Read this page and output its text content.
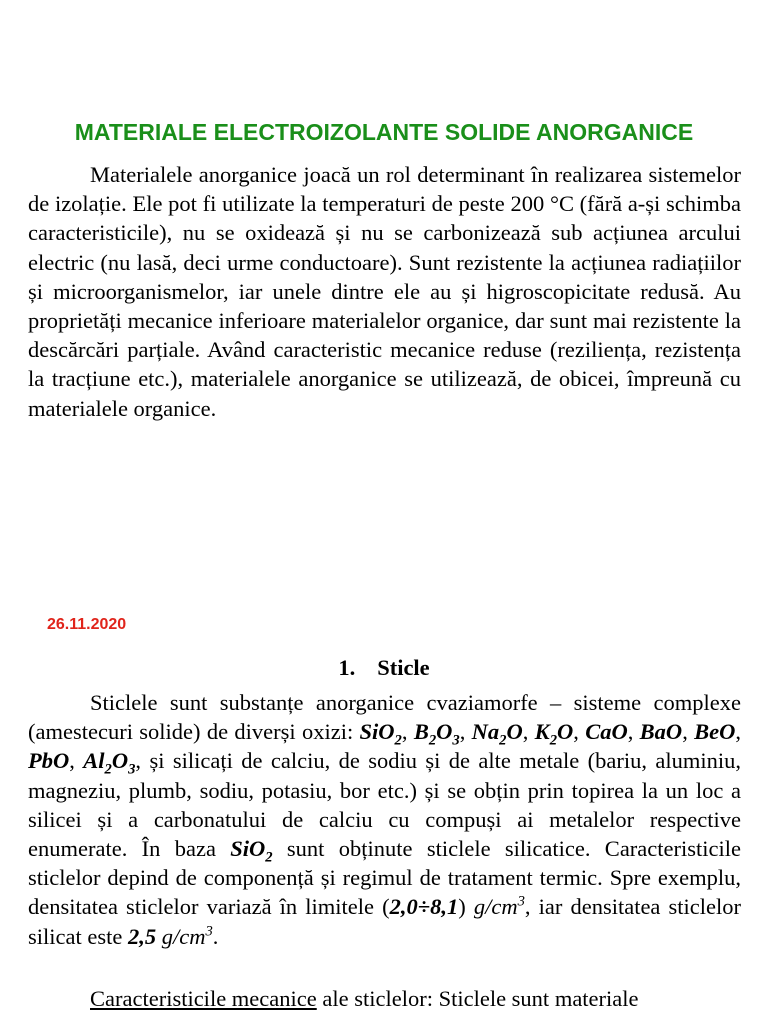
MATERIALE ELECTROIZOLANTE SOLIDE ANORGANICE

Materialele anorganice joacă un rol determinant în realizarea sistemelor de izolație. Ele pot fi utilizate la temperaturi de peste 200 °C (fără a-și schimba caracteristicile), nu se oxidează și nu se carbonizează sub acțiunea arcului electric (nu lasă, deci urme conductoare). Sunt rezistente la acțiunea radiațiilor și microorganismelor, iar unele dintre ele au și higroscopicitate redusă. Au proprietăți mecanice inferioare materialelor organice, dar sunt mai rezistente la descărcări parțiale. Având caracteristic mecanice reduse (reziliența, rezistența la tracțiune etc.), materialele anorganice se utilizează, de obicei, împreună cu materialele organice.

26.11.2020
1. Sticle

Sticlele sunt substanțe anorganice cvaziamorfe – sisteme complexe (amestecuri solide) de diverși oxizi: SiO$_2$, $B_2O_3$, $Na_2O$, $K_2O$, CaO, BaO, BeO, PbO, $Al_2O_3$, și silicați de calciu, de sodiu și de alte metale (bariu, aluminiu, magneziu, plumb, sodiu, potasiu, bor etc.) și se obțin prin topirea la un loc a silicei și a carbonatului de calciu cu compuși ai metalelor respective enumerate. În baza SiO$_2$ sunt obținute sticlele silicatice. Caracteristicile sticlelor depind de componență și regimul de tratament termic. Spre exemplu, densitatea sticlelor variază în limitele (2,0÷8,1) $g/cm^3$, iar densitatea sticlelor silicat este 2,5 $g/cm^3$.

Caracteristicile mecanice ale sticlelor: Sticlele sunt materiale
